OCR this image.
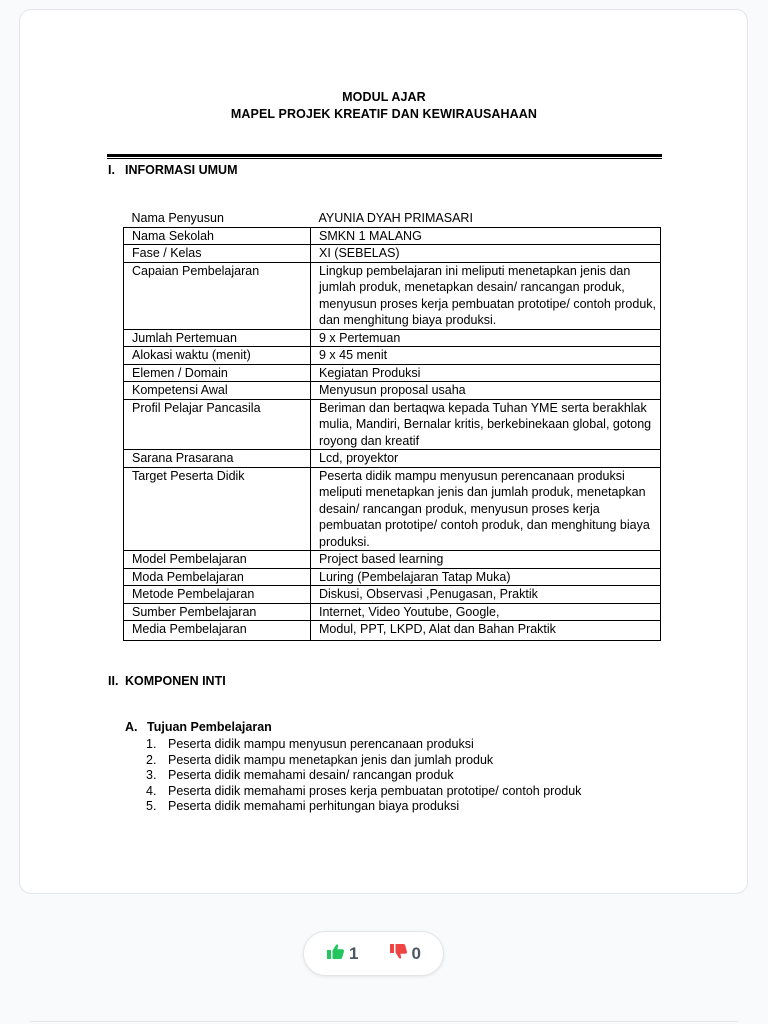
MODUL AJAR
MAPEL PROJEK KREATIF DAN KEWIRAUSAHAAN
I. INFORMASI UMUM
Nama Penyusun	AYUNIA DYAH PRIMASARI
Nama Sekolah	SMKN 1 MALANG
Fase / Kelas	XI (SEBELAS)
Capaian Pembelajaran	Lingkup pembelajaran ini meliputi menetapkan jenis dan jumlah produk, menetapkan desain/ rancangan produk, menyusun proses kerja pembuatan prototipe/ contoh produk, dan menghitung biaya produksi.
Jumlah Pertemuan	9 x Pertemuan
Alokasi waktu (menit)	9 x 45 menit
Elemen / Domain	Kegiatan Produksi
Kompetensi Awal	Menyusun proposal usaha
Profil Pelajar Pancasila	Beriman dan bertaqwa kepada Tuhan YME serta berakhlak mulia, Mandiri, Bernalar kritis, berkebinekaan global, gotong royong dan kreatif
Sarana Prasarana	Lcd, proyektor
Target Peserta Didik	Peserta didik mampu menyusun perencanaan produksi meliputi menetapkan jenis dan jumlah produk, menetapkan desain/ rancangan produk, menyusun proses kerja pembuatan prototipe/ contoh produk, dan menghitung biaya produksi.
Model Pembelajaran	Project based learning
Moda Pembelajaran	Luring (Pembelajaran Tatap Muka)
Metode Pembelajaran	Diskusi, Observasi ,Penugasan, Praktik
Sumber Pembelajaran	Internet, Video Youtube, Google,
Media Pembelajaran	Modul, PPT, LKPD, Alat dan Bahan Praktik
II. KOMPONEN INTI
A. Tujuan Pembelajaran
1. Peserta didik mampu menyusun perencanaan produksi
2. Peserta didik mampu menetapkan jenis dan jumlah produk
3. Peserta didik memahami desain/ rancangan produk
4. Peserta didik memahami proses kerja pembuatan prototipe/ contoh produk
5. Peserta didik memahami perhitungan biaya produksi
1	0
